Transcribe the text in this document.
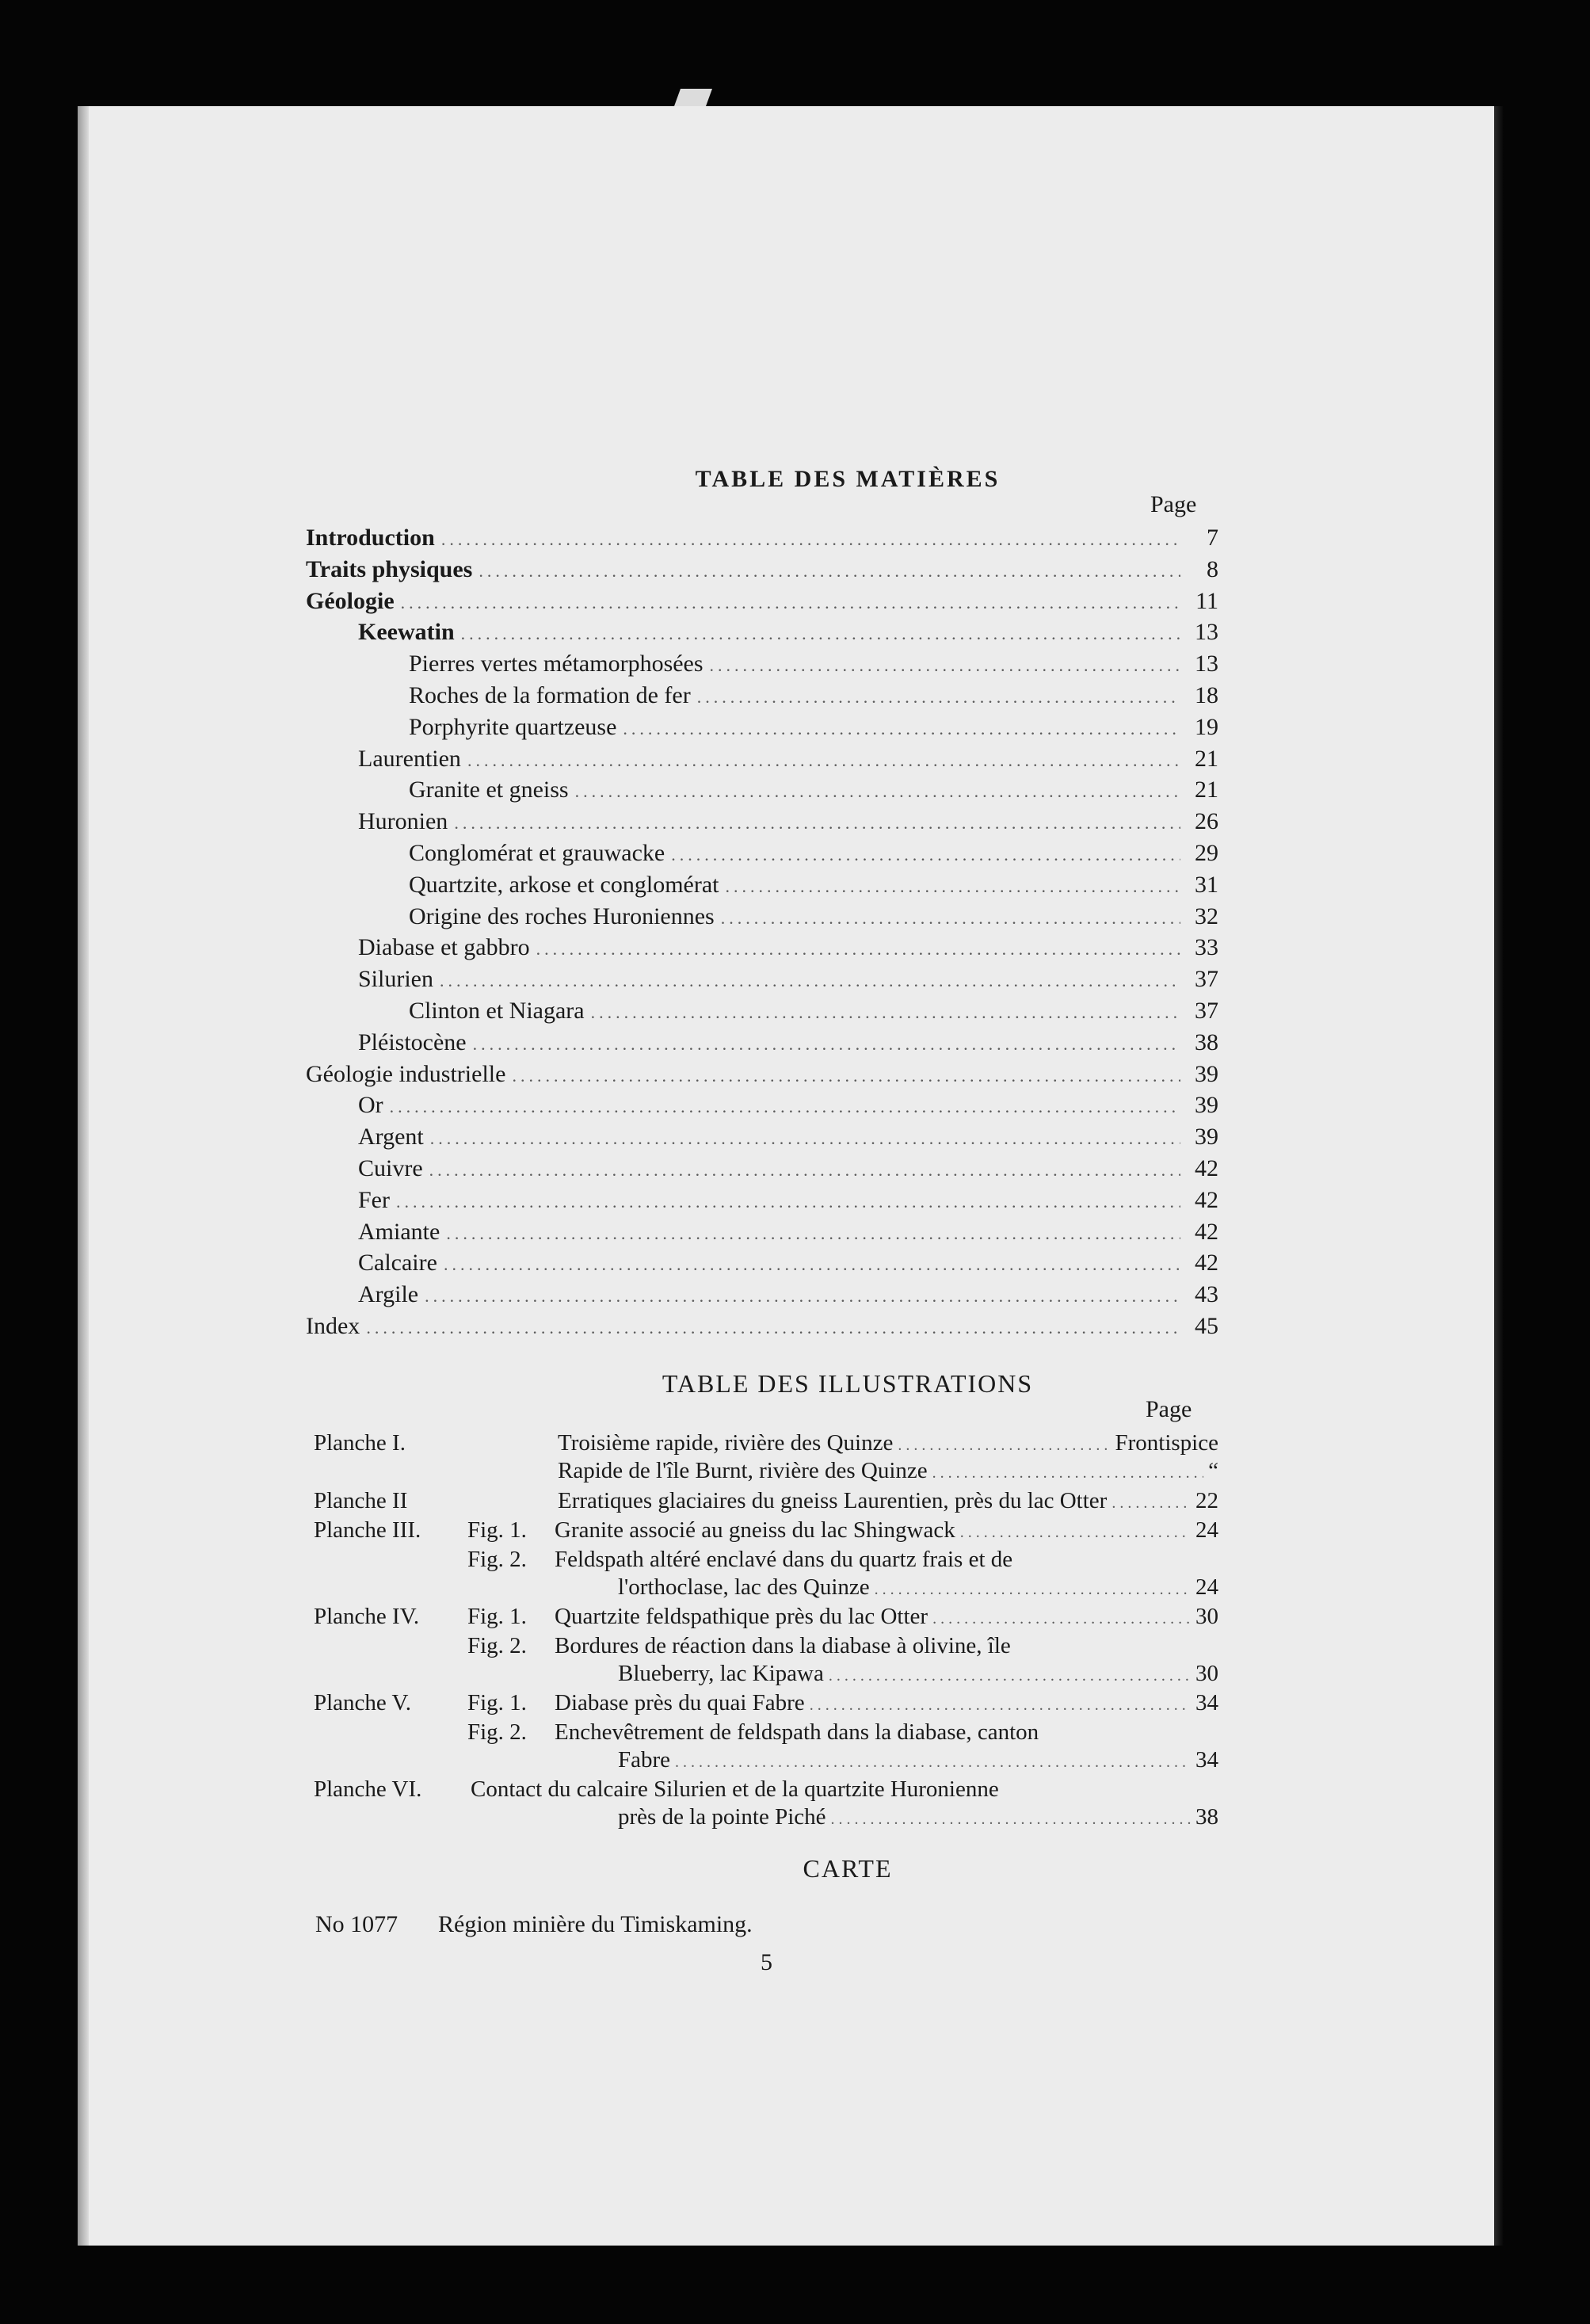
TABLE DES MATIÈRES
Page
Introduction .....	7
Traits physiques .....	8
Géologie .....	11
Keewatin .....	13
Pierres vertes métamorphosées .....	13
Roches de la formation de fer .....	18
Porphyrite quartzeuse .....	19
Laurentien .....	21
Granite et gneiss .....	21
Huronien .....	26
Conglomérat et grauwacke .....	29
Quartzite, arkose et conglomérat .....	31
Origine des roches Huroniennes .....	32
Diabase et gabbro .....	33
Silurien .....	37
Clinton et Niagara .....	37
Pléistocène .....	38
Géologie industrielle .....	39
Or .....	39
Argent .....	39
Cuivre .....	42
Fer .....	42
Amiante .....	42
Calcaire .....	42
Argile .....	43
Index .....	45
TABLE DES ILLUSTRATIONS
Page
Planche I.	Troisième rapide, rivière des Quinze .....	Frontispice
Rapide de l'île Burnt, rivière des Quinze .....	“
Planche II	Erratiques glaciaires du gneiss Laurentien, près du lac Otter .....	22
Planche III. Fig. 1. Granite associé au gneiss du lac Shingwack .....	24
Fig. 2. Feldspath altéré enclavé dans du quartz frais et de
l'orthoclase, lac des Quinze .....	24
Planche IV. Fig. 1. Quartzite feldspathique près du lac Otter .....	30
Fig. 2. Bordures de réaction dans la diabase à olivine, île
Blueberry, lac Kipawa .....	30
Planche V. Fig. 1. Diabase près du quai Fabre .....	34
Fig. 2. Enchevêtrement de feldspath dans la diabase, canton
Fabre .....	34
Planche VI. Contact du calcaire Silurien et de la quartzite Huronienne
près de la pointe Piché .....	38
CARTE
No 1077 Région minière du Timiskaming.
5
